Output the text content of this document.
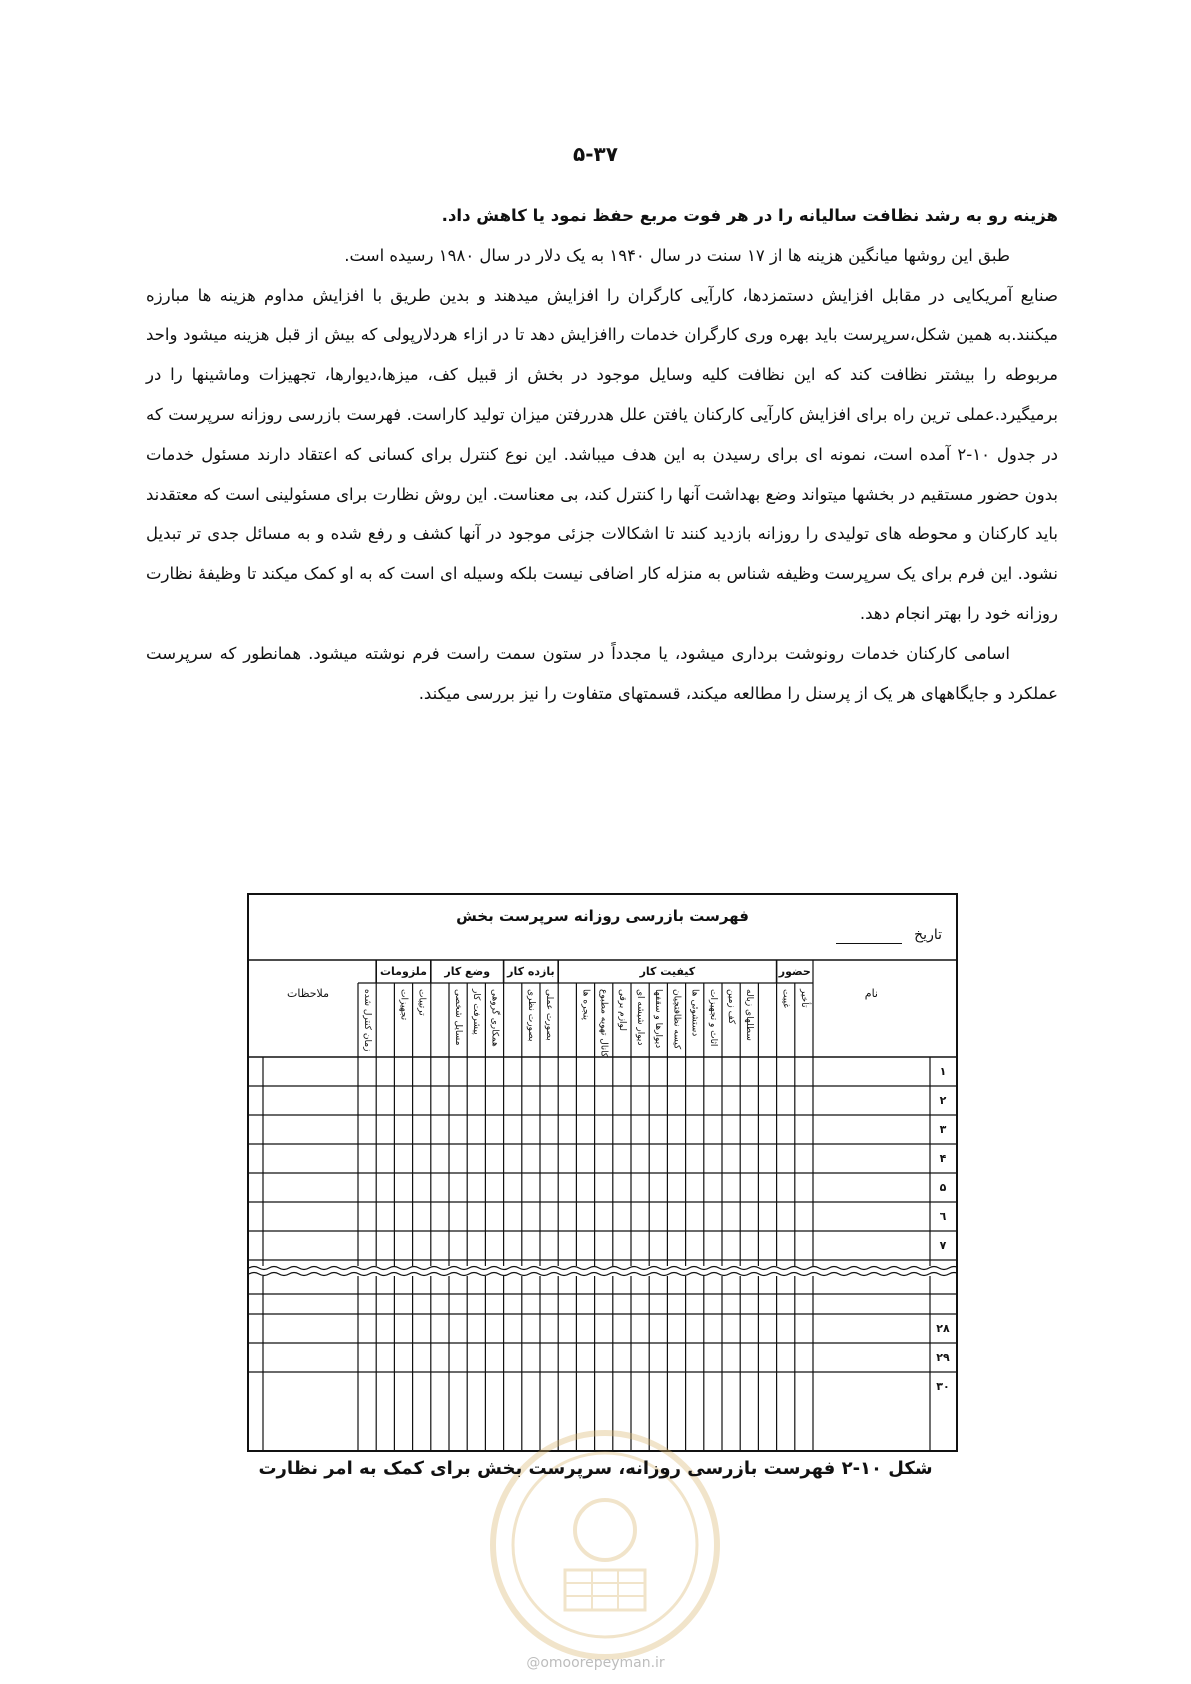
۵-۳۷

هزینه رو به رشد نظافت سالیانه را در هر فوت مربع حفظ نمود یا کاهش داد.

طبق این روشها میانگین هزینه ها از ۱۷ سنت در سال ۱۹۴۰ به یک دلار در سال ۱۹۸۰ رسیده است.

صنایع آمریکایی در مقابل افزایش دستمزدها، کارآیی کارگران را افزایش میدهند و بدین طریق با افزایش مداوم هزینه ها مبارزه میکنند.به همین شکل،سرپرست باید بهره وری کارگران خدمات راافزایش دهد تا در ازاء هردلارپولی که بیش از قبل هزینه میشود واحد مربوطه را بیشتر نظافت کند که این نظافت کلیه وسایل موجود در بخش از قبیل کف، میزها،دیوارها، تجهیزات وماشینها را در برمیگیرد.عملی ترین راه برای افزایش کارآیی کارکنان یافتن علل هدررفتن میزان تولید کاراست. فهرست بازرسی روزانه سرپرست که در جدول ۱۰-۲ آمده است، نمونه ای برای رسیدن به این هدف میباشد. این نوع کنترل برای کسانی که اعتقاد دارند مسئول خدمات بدون حضور مستقیم در بخشها میتواند وضع بهداشت آنها را کنترل کند، بی معناست. این روش نظارت برای مسئولینی است که معتقدند باید کارکنان و محوطه های تولیدی را روزانه بازدید کنند تا اشکالات جزئی موجود در آنها کشف و رفع شده و به مسائل جدی تر تبدیل نشود. این فرم برای یک سرپرست وظیفه شناس به منزله کار اضافی نیست بلکه وسیله ای است که به او کمک میکند تا وظیفهٔ نظارت روزانه خود را بهتر انجام دهد.

اسامی کارکنان خدمات رونوشت برداری میشود، یا مجدداً در ستون سمت راست فرم نوشته میشود. همانطور که سرپرست عملکرد و جایگاههای هر یک از پرسنل را مطالعه میکند، قسمتهای متفاوت را نیز بررسی میکند.

فهرست بازرسی روزانه سرپرست بخش
تاریخ
حضور
کیفیت کار
بازده کار
وضع کار
ملزومات
تأخیر
غیبت
سطلهای زباله
کف زمین
اثاث و تجهیزات
دستشوئی ها
کیسه نظافتچیان
دیوارها و سقفها
دیوار شیشه ای
لوازم برقی
کانال تهویه مطبوع
پنجره ها
بصورت عملی
بصورت نظری
همکاری گروهی
پیشرفت کار
مسایل شخصی
ترتیبات
تجهیزات
زمان کنترل شده
۱
۲
۳
۴
۵
٦
۷
۲۸
۲۹
۳۰
نام
ملاحظات
شکل ۱۰-۲ فهرست بازرسی روزانه، سرپرست بخش برای کمک به امر نظارت
@omoorepeyman.ir
